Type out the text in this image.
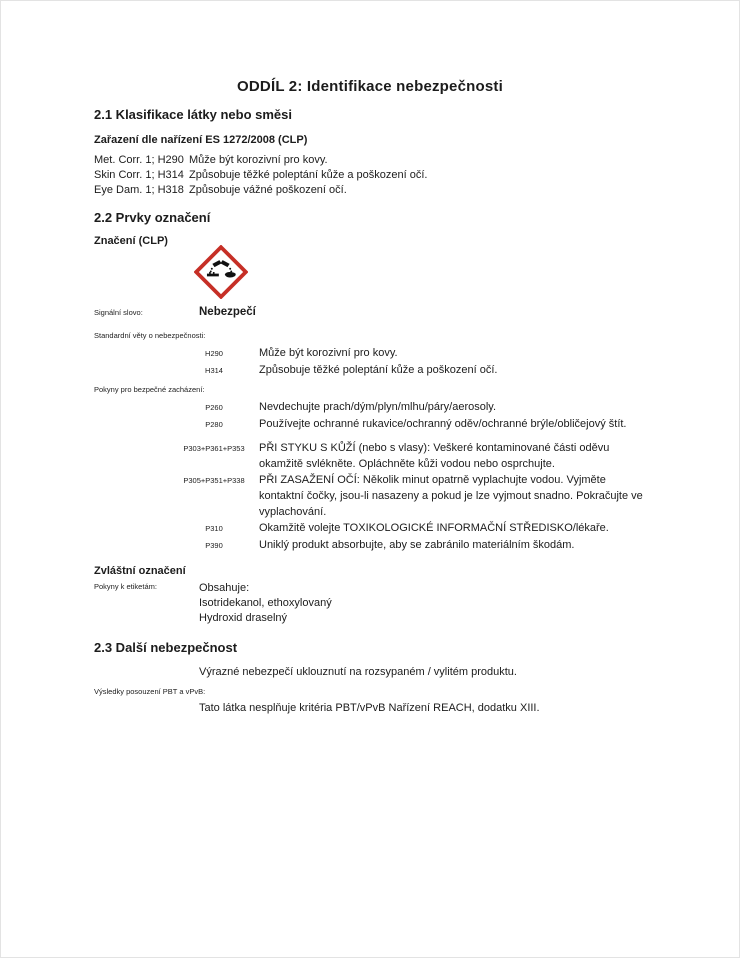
ODDÍL 2: Identifikace nebezpečnosti
2.1 Klasifikace látky nebo směsi
Zařazení dle nařízení ES 1272/2008 (CLP)
Met. Corr. 1; H290 Může být korozivní pro kovy.
Skin Corr. 1; H314 Způsobuje těžké poleptání kůže a poškození očí.
Eye Dam. 1; H318 Způsobuje vážné poškození očí.
2.2 Prvky označení
Značení (CLP)
Signální slovo:	Nebezpečí
Standardní věty o nebezpečnosti:
H290	Může být korozivní pro kovy.
H314	Způsobuje těžké poleptání kůže a poškození očí.
Pokyny pro bezpečné zacházení:
P260	Nevdechujte prach/dým/plyn/mlhu/páry/aerosoly.
P280	Používejte ochranné rukavice/ochranný oděv/ochranné brýle/obličejový štít.
P303+P361+P353	PŘI STYKU S KŮŽÍ (nebo s vlasy): Veškeré kontaminované části oděvu okamžitě svlékněte. Opláchněte kůži vodou nebo osprchujte.
P305+P351+P338	PŘI ZASAŽENÍ OČÍ: Několik minut opatrně vyplachujte vodou. Vyjměte kontaktní čočky, jsou-li nasazeny a pokud je lze vyjmout snadno. Pokračujte ve vyplachování.
P310	Okamžitě volejte TOXIKOLOGICKÉ INFORMAČNÍ STŘEDISKO/lékaře.
P390	Uniklý produkt absorbujte, aby se zabránilo materiálním škodám.
Zvláštní označení
Pokyny k etiketám:	Obsahuje:
Isotridekanol, ethoxylovaný
Hydroxid draselný
2.3 Další nebezpečnost
Výrazné nebezpečí uklouznutí na rozsypaném / vylitém produktu.
Výsledky posouzení PBT a vPvB:
Tato látka nesplňuje kritéria PBT/vPvB Nařízení REACH, dodatku XIII.
